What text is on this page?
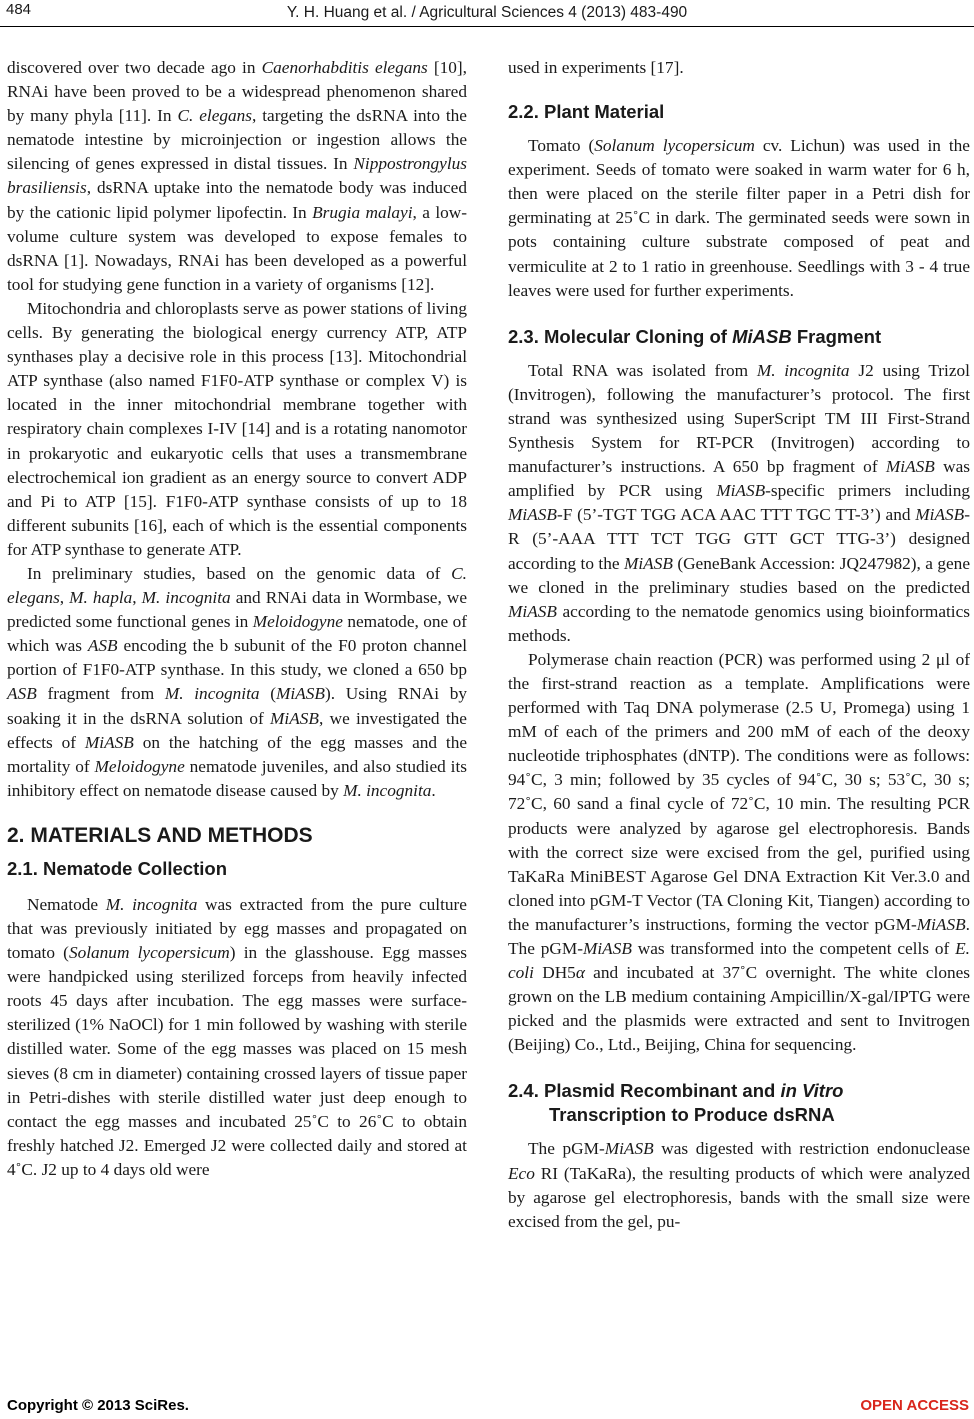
484	Y. H. Huang et al. / Agricultural Sciences 4 (2013) 483-490

discovered over two decade ago in Caenorhabditis elegans [10], RNAi have been proved to be a widespread phenomenon shared by many phyla [11]. In C. elegans, targeting the dsRNA into the nematode intestine by microinjection or ingestion allows the silencing of genes expressed in distal tissues. In Nippostrongylus brasiliensis, dsRNA uptake into the nematode body was induced by the cationic lipid polymer lipofectin. In Brugia malayi, a low-volume culture system was developed to expose females to dsRNA [1]. Nowadays, RNAi has been developed as a powerful tool for studying gene function in a variety of organisms [12].

Mitochondria and chloroplasts serve as power stations of living cells. By generating the biological energy currency ATP, ATP synthases play a decisive role in this process [13]. Mitochondrial ATP synthase (also named F1F0-ATP synthase or complex V) is located in the inner mitochondrial membrane together with respiratory chain complexes I-IV [14] and is a rotating nanomotor in prokaryotic and eukaryotic cells that uses a transmembrane electrochemical ion gradient as an energy source to convert ADP and Pi to ATP [15]. F1F0-ATP synthase consists of up to 18 different subunits [16], each of which is the essential components for ATP synthase to generate ATP.

In preliminary studies, based on the genomic data of C. elegans, M. hapla, M. incognita and RNAi data in Wormbase, we predicted some functional genes in Meloidogyne nematode, one of which was ASB encoding the b subunit of the F0 proton channel portion of F1F0-ATP synthase. In this study, we cloned a 650 bp ASB fragment from M. incognita (MiASB). Using RNAi by soaking it in the dsRNA solution of MiASB, we investigated the effects of MiASB on the hatching of the egg masses and the mortality of Meloidogyne nematode juveniles, and also studied its inhibitory effect on nematode disease caused by M. incognita.

2. MATERIALS AND METHODS
2.1. Nematode Collection

Nematode M. incognita was extracted from the pure culture that was previously initiated by egg masses and propagated on tomato (Solanum lycopersicum) in the glasshouse. Egg masses were handpicked using sterilized forceps from heavily infected roots 45 days after incubation. The egg masses were surface-sterilized (1% NaOCl) for 1 min followed by washing with sterile distilled water. Some of the egg masses was placed on 15 mesh sieves (8 cm in diameter) containing crossed layers of tissue paper in Petri-dishes with sterile distilled water just deep enough to contact the egg masses and incubated 25˚C to 26˚C to obtain freshly hatched J2. Emerged J2 were collected daily and stored at 4˚C. J2 up to 4 days old were

used in experiments [17].

2.2. Plant Material

Tomato (Solanum lycopersicum cv. Lichun) was used in the experiment. Seeds of tomato were soaked in warm water for 6 h, then were placed on the sterile filter paper in a Petri dish for germinating at 25˚C in dark. The germinated seeds were sown in pots containing culture substrate composed of peat and vermiculite at 2 to 1 ratio in greenhouse. Seedlings with 3 - 4 true leaves were used for further experiments.

2.3. Molecular Cloning of MiASB Fragment

Total RNA was isolated from M. incognita J2 using Trizol (Invitrogen), following the manufacturer’s protocol. The first strand was synthesized using SuperScript TM III First-Strand Synthesis System for RT-PCR (Invitrogen) according to manufacturer’s instructions. A 650 bp fragment of MiASB was amplified by PCR using MiASB-specific primers including MiASB-F (5’-TGT TGG ACA AAC TTT TGC TT-3’) and MiASB-R (5’-AAA TTT TCT TGG GTT GCT TTG-3’) designed according to the MiASB (GeneBank Accession: JQ247982), a gene we cloned in the preliminary studies based on the predicted MiASB according to the nematode genomics using bioinformatics methods.

Polymerase chain reaction (PCR) was performed using 2 μl of the first-strand reaction as a template. Amplifications were performed with Taq DNA polymerase (2.5 U, Promega) using 1 mM of each of the primers and 200 mM of each of the deoxy nucleotide triphosphates (dNTP). The conditions were as follows: 94˚C, 3 min; followed by 35 cycles of 94˚C, 30 s; 53˚C, 30 s; 72˚C, 60 sand a final cycle of 72˚C, 10 min. The resulting PCR products were analyzed by agarose gel electrophoresis. Bands with the correct size were excised from the gel, purified using TaKaRa MiniBEST Agarose Gel DNA Extraction Kit Ver.3.0 and cloned into pGM-T Vector (TA Cloning Kit, Tiangen) according to the manufacturer’s instructions, forming the vector pGM-MiASB. The pGM-MiASB was transformed into the competent cells of E. coli DH5α and incubated at 37˚C overnight. The white clones grown on the LB medium containing Ampicillin/X-gal/IPTG were picked and the plasmids were extracted and sent to Invitrogen (Beijing) Co., Ltd., Beijing, China for sequencing.

2.4. Plasmid Recombinant and in Vitro
Transcription to Produce dsRNA

The pGM-MiASB was digested with restriction endonuclease Eco RI (TaKaRa), the resulting products of which were analyzed by agarose gel electrophoresis, bands with the small size were excised from the gel, pu-

Copyright © 2013 SciRes.	OPEN ACCESS
